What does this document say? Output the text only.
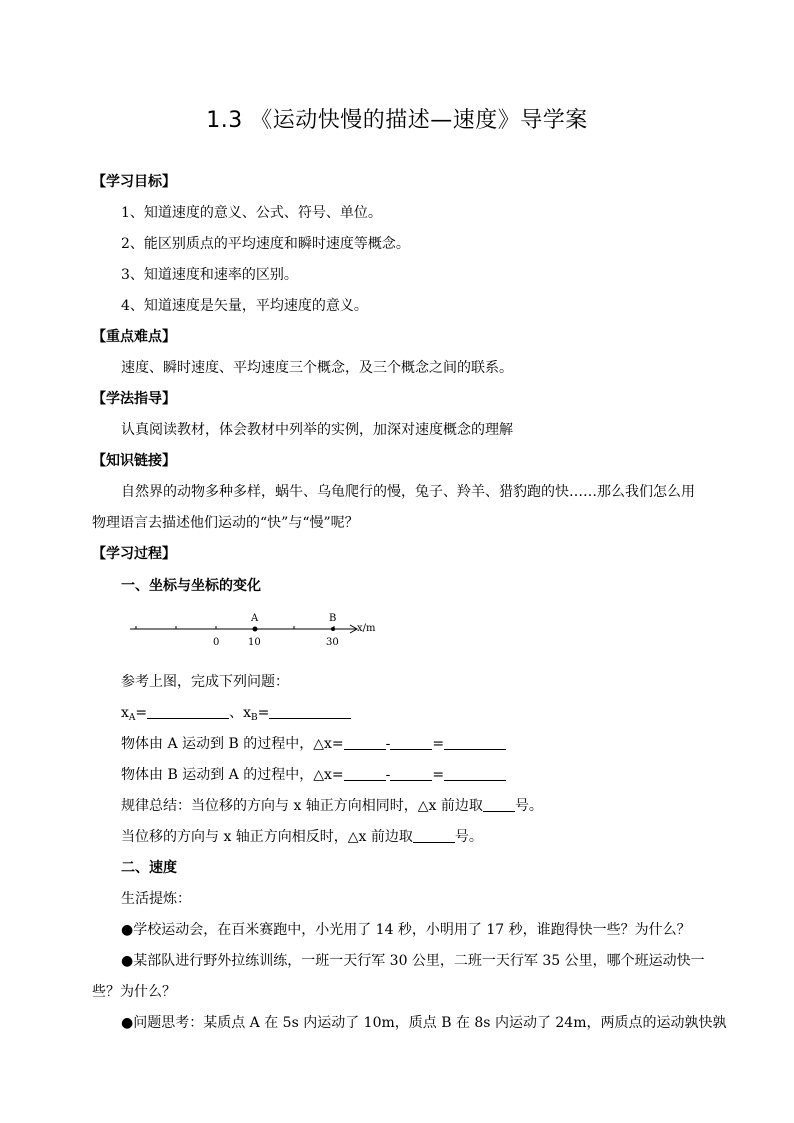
1.3 《运动快慢的描述—速度》导学案
【学习目标】
1、知道速度的意义、公式、符号、单位。
2、能区别质点的平均速度和瞬时速度等概念。
3、知道速度和速率的区别。
4、知道速度是矢量，平均速度的意义。
【重点难点】
速度、瞬时速度、平均速度三个概念，及三个概念之间的联系。
【学法指导】
认真阅读教材，体会教材中列举的实例，加深对速度概念的理解
【知识链接】
自然界的动物多种多样，蜗牛、乌龟爬行的慢，兔子、羚羊、猎豹跑的快……那么我们怎么用
物理语言去描述他们运动的“快”与“慢”呢？
【学习过程】
一、坐标与坐标的变化
A	B
x/m
0	10	30
参考上图，完成下列问题：
$x_A=$	、$x_B=$
物体由 A 运动到 B 的过程中，△x=	-	=
物体由 B 运动到 A 的过程中，△x=	-	=
规律总结：当位移的方向与 x 轴正方向相同时，△x 前边取 号。
当位移的方向与 x 轴正方向相反时，△x 前边取	号。
二、速度
生活提炼：
●学校运动会，在百米赛跑中，小光用了 14 秒，小明用了 17 秒，谁跑得快一些？为什么？
●某部队进行野外拉练训练，一班一天行军 30 公里，二班一天行军 35 公里，哪个班运动快一
些？为什么？
●问题思考：某质点 A 在 5s 内运动了 10m，质点 B 在 8s 内运动了 24m，两质点的运动孰快孰
